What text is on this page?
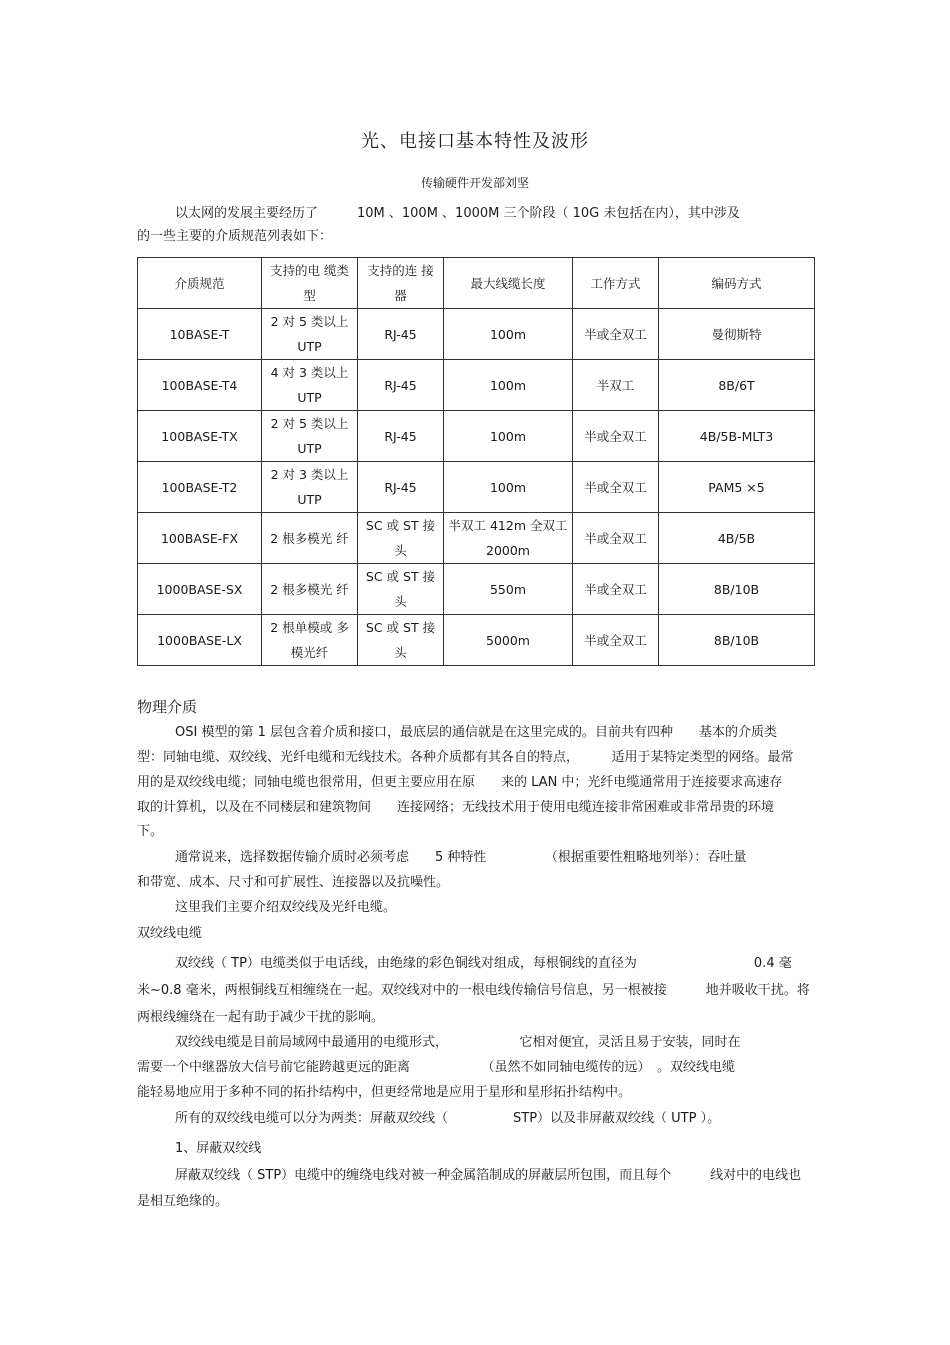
光、电接口基本特性及波形
传输硬件开发部刘坚
以太网的发展主要经历了　　　10M 、100M 、1000M 三个阶段（ 10G 未包括在内），其中涉及
的一些主要的介质规范列表如下：
介质规范	支持的电 缆类型	支持的连 接器	最大线缆长度	工作方式	编码方式
10BASE-T	2 对 5 类以上 UTP	RJ-45	100m	半或全双工	曼彻斯特
100BASE-T4	4 对 3 类以上 UTP	RJ-45	100m	半双工	8B/6T
100BASE-TX	2 对 5 类以上 UTP	RJ-45	100m	半或全双工	4B/5B-MLT3
100BASE-T2	2 对 3 类以上 UTP	RJ-45	100m	半或全双工	PAM5 ×5
100BASE-FX	2 根多模光 纤	SC 或 ST 接头	半双工 412m 全双工 2000m	半或全双工	4B/5B
1000BASE-SX	2 根多模光 纤	SC 或 ST 接头	550m	半或全双工	8B/10B
1000BASE-LX	2 根单模或 多模光纤	SC 或 ST 接头	5000m	半或全双工	8B/10B
物理介质
OSI 模型的第 1 层包含着介质和接口，最底层的通信就是在这里完成的。目前共有四种　　基本的介质类
型：同轴电缆、双绞线、光纤电缆和无线技术。各种介质都有其各自的特点，　　　适用于某特定类型的网络。最常
用的是双绞线电缆；同轴电缆也很常用，但更主要应用在原　　来的 LAN 中；光纤电缆通常用于连接要求高速存
取的计算机，以及在不同楼层和建筑物间　　连接网络；无线技术用于使用电缆连接非常困难或非常昂贵的环境
下。
通常说来，选择数据传输介质时必须考虑　　5 种特性　　　　　（根据重要性粗略地列举）：吞吐量
和带宽、成本、尺寸和可扩展性、连接器以及抗噪性。
这里我们主要介绍双绞线及光纤电缆。
双绞线电缆
双绞线（ TP）电缆类似于电话线，由绝缘的彩色铜线对组成，每根铜线的直径为　　　　　　　　　0.4 毫
米~0.8 毫米，两根铜线互相缠绕在一起。双绞线对中的一根电线传输信号信息，另一根被接　　　地并吸收干扰。将
两根线缠绕在一起有助于减少干扰的影响。
双绞线电缆是目前局域网中最通用的电缆形式，　　　　　　它相对便宜，灵活且易于安装，同时在
需要一个中继器放大信号前它能跨越更远的距离　　　　　　（虽然不如同轴电缆传的远）　。双绞线电缆
能轻易地应用于多种不同的拓扑结构中，但更经常地是应用于星形和星形拓扑结构中。
所有的双绞线电缆可以分为两类：屏蔽双绞线（　　　　　STP）以及非屏蔽双绞线（ UTP ）。
1、屏蔽双绞线
屏蔽双绞线（ STP）电缆中的缠绕电线对被一种金属箔制成的屏蔽层所包围，而且每个　　　线对中的电线也
是相互绝缘的。
